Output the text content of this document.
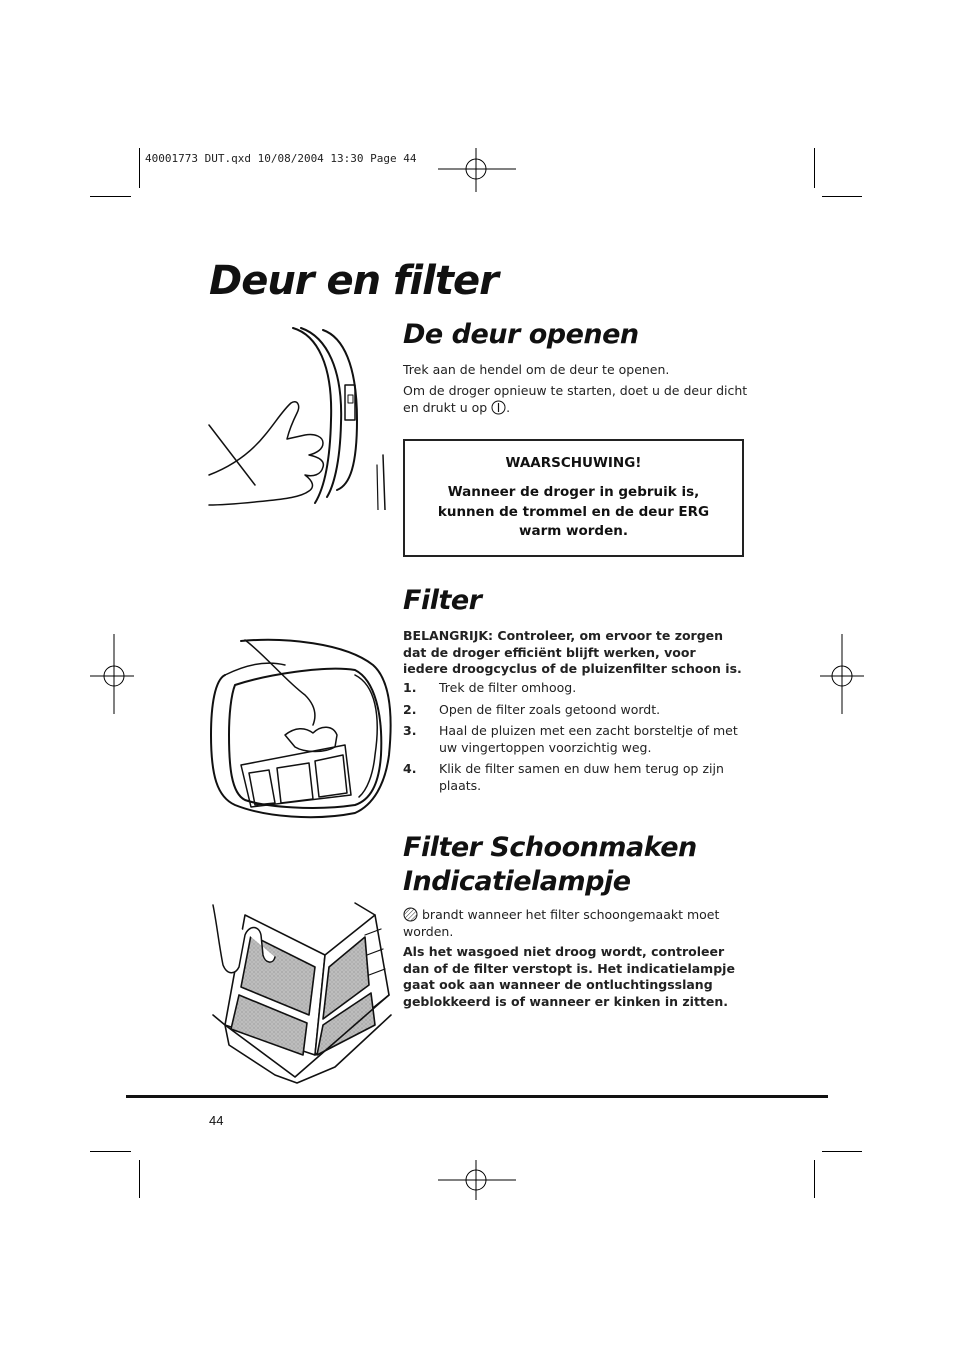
40001773 DUT.qxd 10/08/2004 13:30 Page 44
Deur en filter
De deur openen
Trek aan de hendel om de deur te openen.
Om de droger opnieuw te starten, doet u de deur dicht en drukt u op .
WAARSCHUWING!
Wanneer de droger in gebruik is, kunnen de trommel en de deur ERG warm worden.
Filter
BELANGRIJK: Controleer, om ervoor te zorgen dat de droger efficiënt blijft werken, voor iedere droogcyclus of de pluizenfilter schoon is.
1.	Trek de filter omhoog.
2.	Open de filter zoals getoond wordt.
3.	Haal de pluizen met een zacht borsteltje of met uw vingertoppen voorzichtig weg.
4.	Klik de filter samen en duw hem terug op zijn plaats.
Filter Schoonmaken
Indicatielampje
brandt wanneer het filter schoongemaakt moet worden.
Als het wasgoed niet droog wordt, controleer dan of de filter verstopt is. Het indicatielampje gaat ook aan wanneer de ontluchtingsslang geblokkeerd is of wanneer er kinken in zitten.
44
